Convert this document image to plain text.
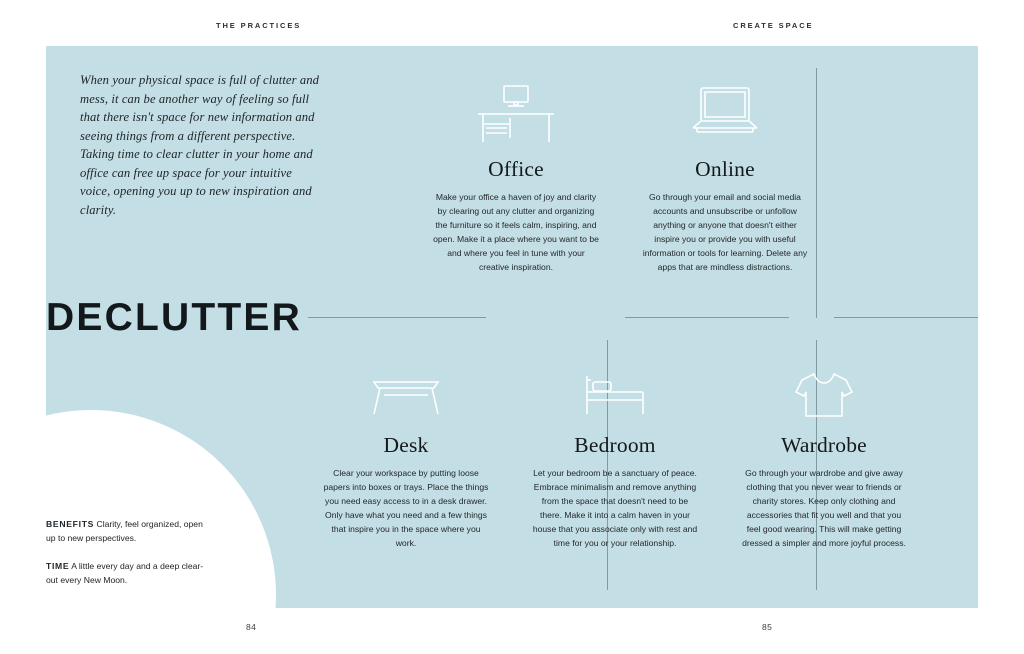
THE PRACTICES	CREATE SPACE
84	85
When your physical space is full of clutter and mess, it can be another way of feeling so full that there isn't space for new information and seeing things from a different perspective. Taking time to clear clutter in your home and office can free up space for your intuitive voice, opening you up to new inspiration and clarity.
DECLUTTER

BENEFITS Clarity, feel organized, open up to new perspectives.

TIME A little every day and a deep clear-out every New Moon.

Office
Make your office a haven of joy and clarity by clearing out any clutter and organizing the furniture so it feels calm, inspiring, and open. Make it a place where you want to be and where you feel in tune with your creative inspiration.
Online
Go through your email and social media accounts and unsubscribe or unfollow anything or anyone that doesn't either inspire you or provide you with useful information or tools for learning. Delete any apps that are mindless distractions.
Desk
Clear your workspace by putting loose papers into boxes or trays. Place the things you need easy access to in a desk drawer. Only have what you need and a few things that inspire you in the space where you work.
Bedroom
Let your bedroom be a sanctuary of peace. Embrace minimalism and remove anything from the space that doesn't need to be there. Make it into a calm haven in your house that you associate only with rest and time for you or your relationship.
Wardrobe
Go through your wardrobe and give away clothing that you never wear to friends or charity stores. Keep only clothing and accessories that fit you well and that you feel good wearing. This will make getting dressed a simpler and more joyful process.
